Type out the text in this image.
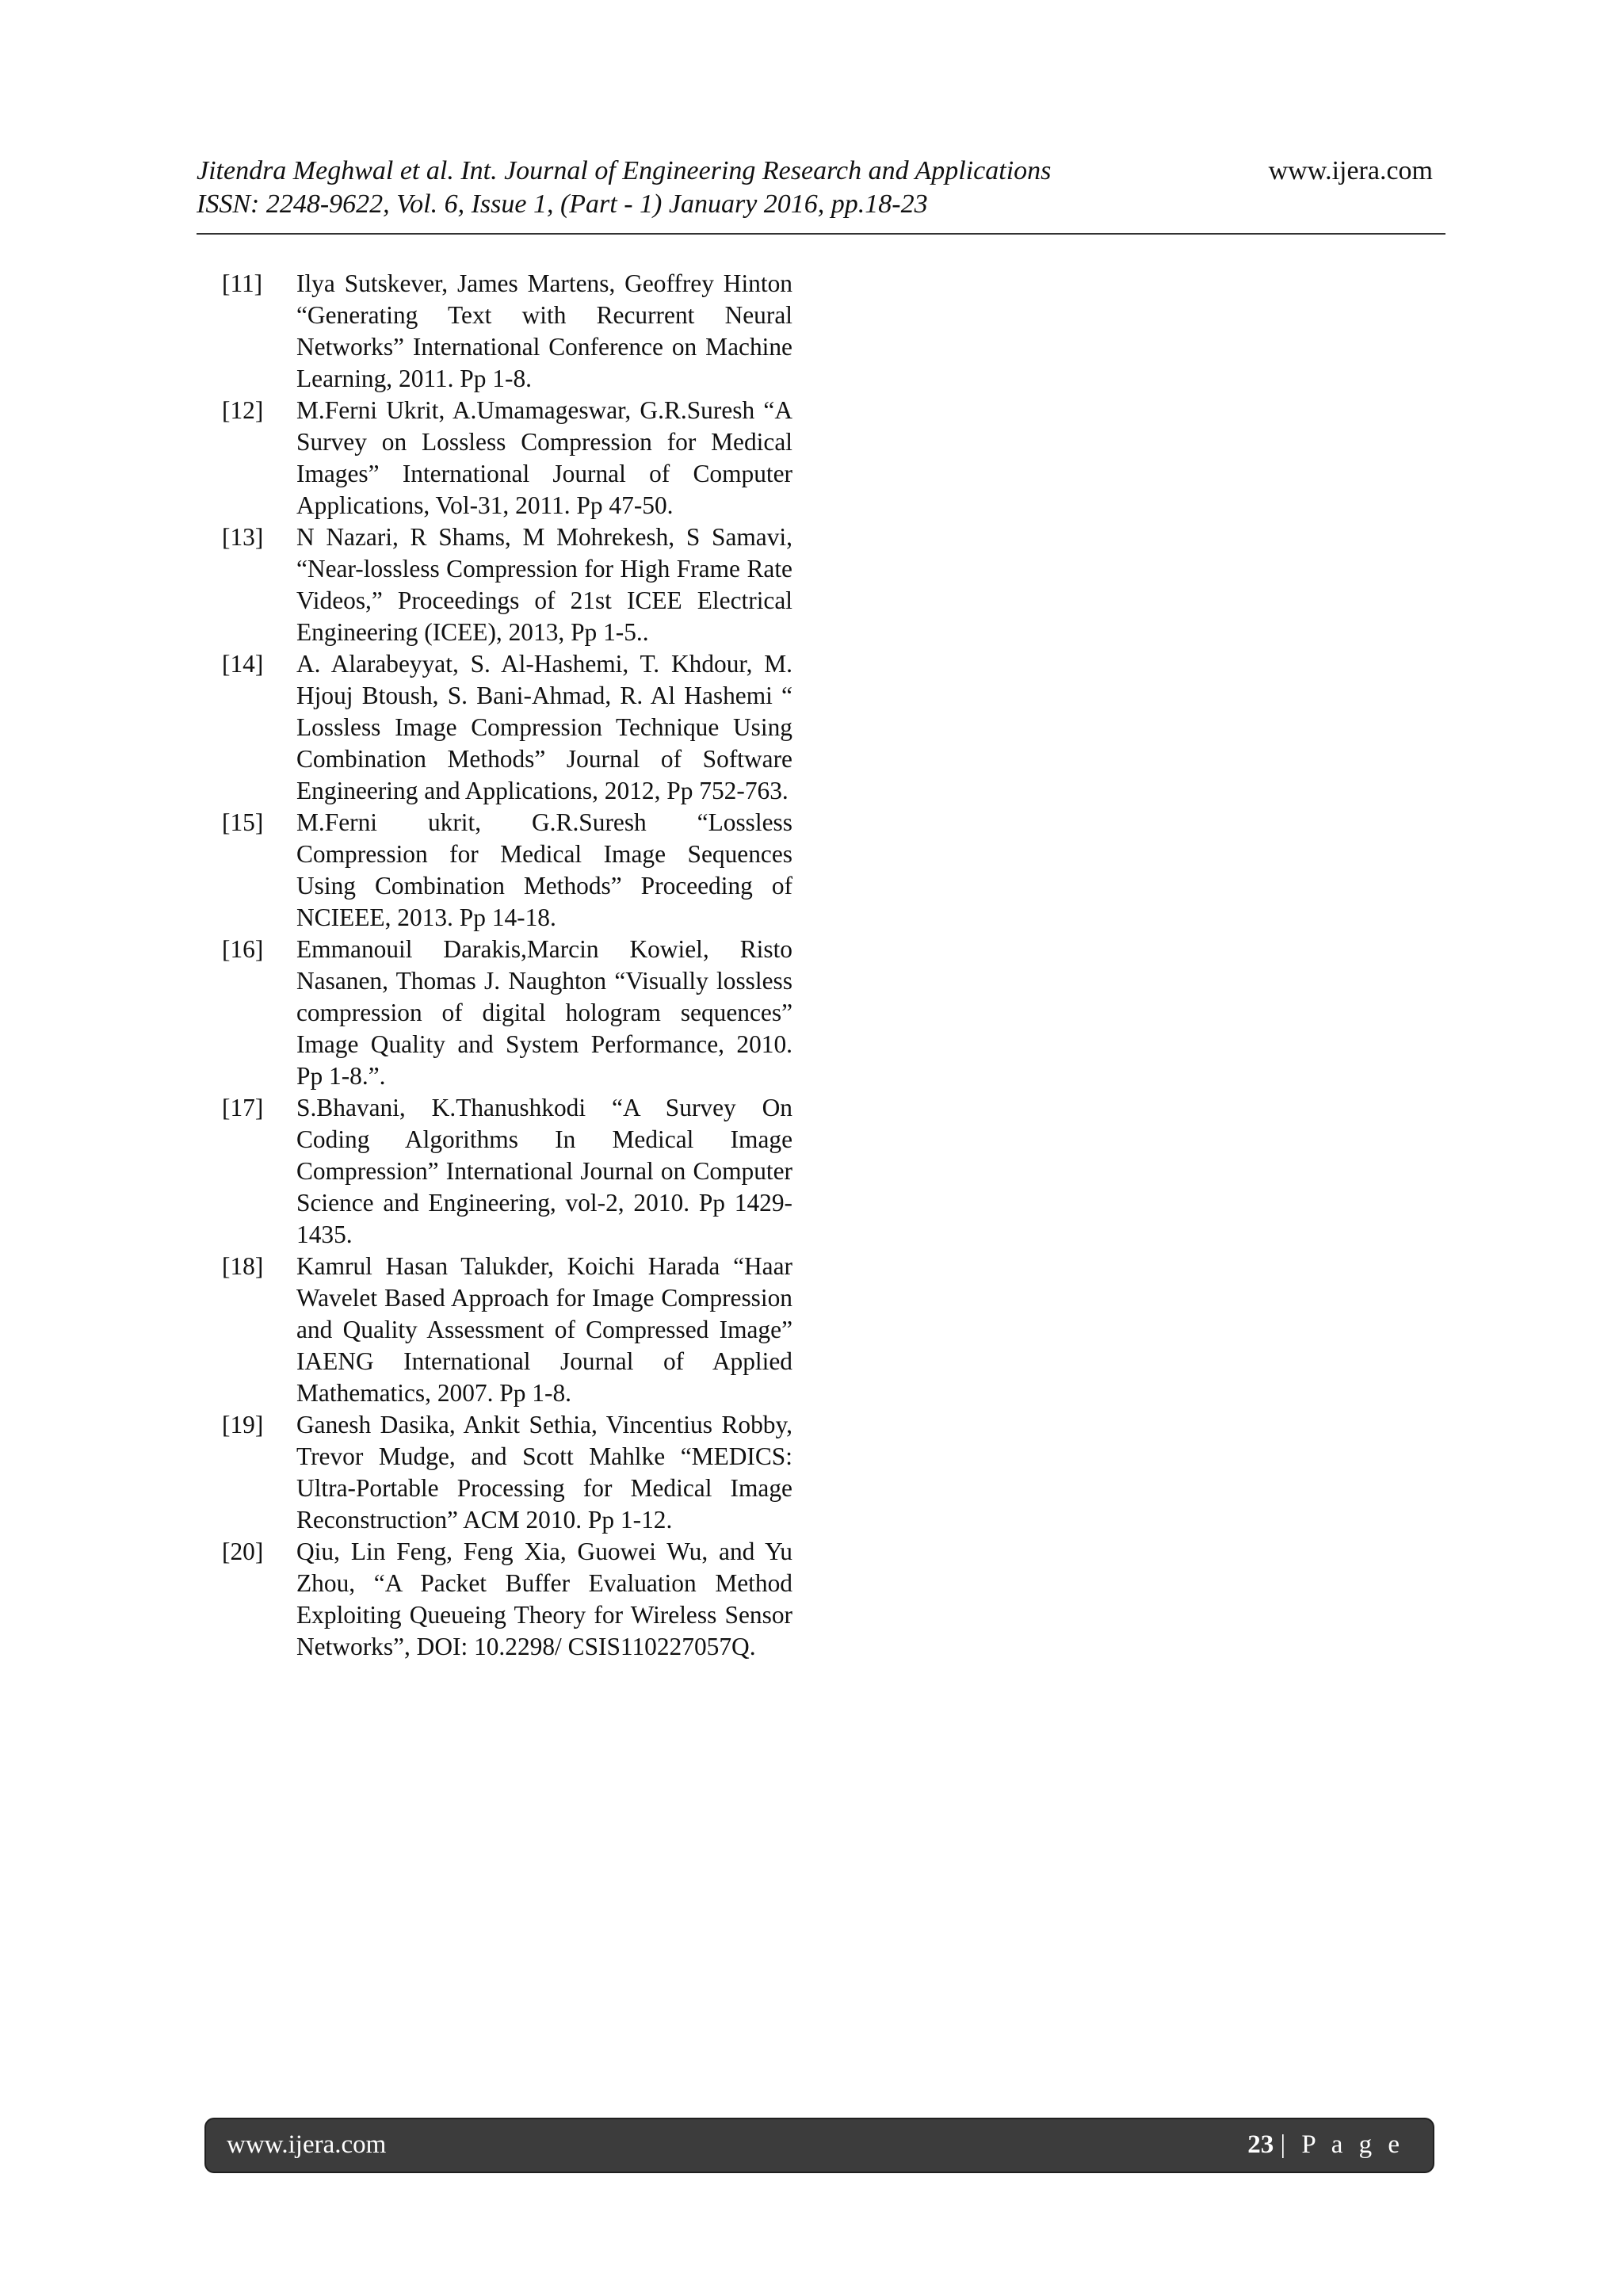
Jitendra Meghwal et al. Int. Journal of Engineering Research and Applications
ISSN: 2248-9622, Vol. 6, Issue 1, (Part - 1) January 2016, pp.18-23
www.ijera.com
[11] Ilya Sutskever, James Martens, Geoffrey Hinton “Generating Text with Recurrent Neural Networks” International Conference on Machine Learning, 2011. Pp 1-8.
[12] M.Ferni Ukrit, A.Umamageswar, G.R.Suresh “A Survey on Lossless Compression for Medical Images” International Journal of Computer Applications, Vol-31, 2011. Pp 47-50.
[13] N Nazari, R Shams, M Mohrekesh, S Samavi, “Near-lossless Compression for High Frame Rate Videos,” Proceedings of 21st ICEE Electrical Engineering (ICEE), 2013, Pp 1-5..
[14] A. Alarabeyyat, S. Al-Hashemi, T. Khdour, M. Hjouj Btoush, S. Bani-Ahmad, R. Al Hashemi “ Lossless Image Compression Technique Using Combination Methods” Journal of Software Engineering and Applications, 2012, Pp 752-763.
[15] M.Ferni ukrit, G.R.Suresh “Lossless Compression for Medical Image Sequences Using Combination Methods” Proceeding of NCIEEE, 2013. Pp 14-18.
[16] Emmanouil Darakis,Marcin Kowiel, Risto Nasanen, Thomas J. Naughton “Visually lossless compression of digital hologram sequences” Image Quality and System Performance, 2010. Pp 1-8.”.
[17] S.Bhavani, K.Thanushkodi “A Survey On Coding Algorithms In Medical Image Compression” International Journal on Computer Science and Engineering, vol-2, 2010. Pp 1429-1435.
[18] Kamrul Hasan Talukder, Koichi Harada “Haar Wavelet Based Approach for Image Compression and Quality Assessment of Compressed Image” IAENG International Journal of Applied Mathematics, 2007. Pp 1-8.
[19] Ganesh Dasika, Ankit Sethia, Vincentius Robby, Trevor Mudge, and Scott Mahlke “MEDICS: Ultra-Portable Processing for Medical Image Reconstruction” ACM 2010. Pp 1-12.
[20] Qiu, Lin Feng, Feng Xia, Guowei Wu, and Yu Zhou, “A Packet Buffer Evaluation Method Exploiting Queueing Theory for Wireless Sensor Networks”, DOI: 10.2298/ CSIS110227057Q.
www.ijera.com	23 | P a g e
